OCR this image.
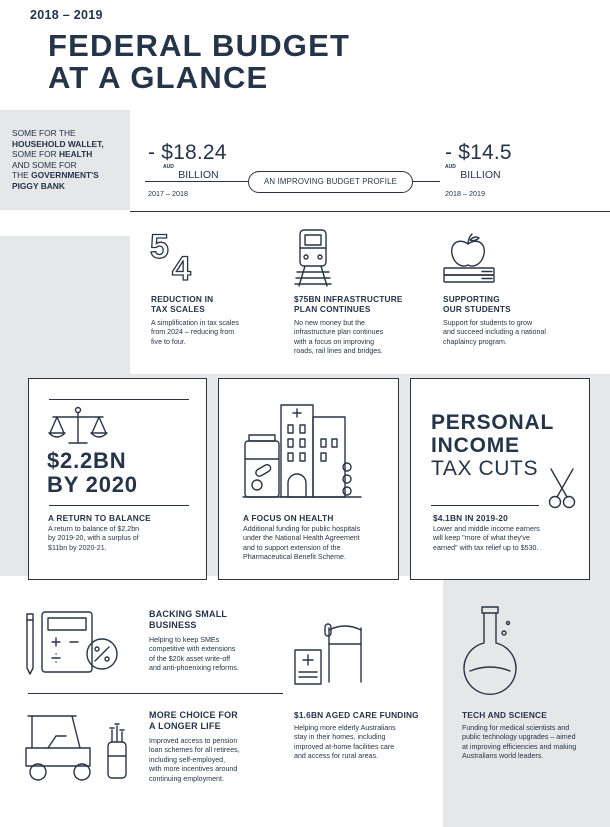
2018 – 2019
FEDERAL BUDGET
AT A GLANCE
SOME FOR THE
HOUSEHOLD WALLET,
SOME FOR HEALTH
AND SOME FOR
THE GOVERNMENT'S
PIGGY BANK
- $18.24
AUD BILLION
2017 – 2018
- $14.5
AUD BILLION
2018 – 2019
AN IMPROVING BUDGET PROFILE
5
4
REDUCTION IN
TAX SCALES
A simplification in tax scales
from 2024 – reducing from
five to four.
$75BN INFRASTRUCTURE
PLAN CONTINUES
No new money but the
infrastructure plan continues
with a focus on improving
roads, rail lines and bridges.
SUPPORTING
OUR STUDENTS
Support for students to grow
and succeed including a national
chaplaincy program.
$2.2BN
BY 2020
A RETURN TO BALANCE
A return to balance of $2.2bn
by 2019-20, with a surplus of
$11bn by 2020-21.
A FOCUS ON HEALTH
Additional funding for public hospitals
under the National Health Agreement
and to support extension of the
Pharmaceutical Benefit Scheme.
PERSONAL
INCOME
TAX CUTS
$4.1BN IN 2019-20
Lower and middle income earners
will keep "more of what they've
earned" with tax relief up to $530.
BACKING SMALL
BUSINESS
Helping to keep SMEs
competitive with extensions
of the $20k asset write-off
and anti-phoenixing reforms.
MORE CHOICE FOR
A LONGER LIFE
Improved access to pension
loan schemes for all retirees,
including self-employed,
with more incentives around
continuing employment.
$1.6BN AGED CARE FUNDING
Helping more elderly Australians
stay in their homes, including
improved at-home facilities care
and access for rural areas.
TECH AND SCIENCE
Funding for medical scientists and
public technology upgrades – aimed
at improving efficiencies and making
Australians world leaders.
